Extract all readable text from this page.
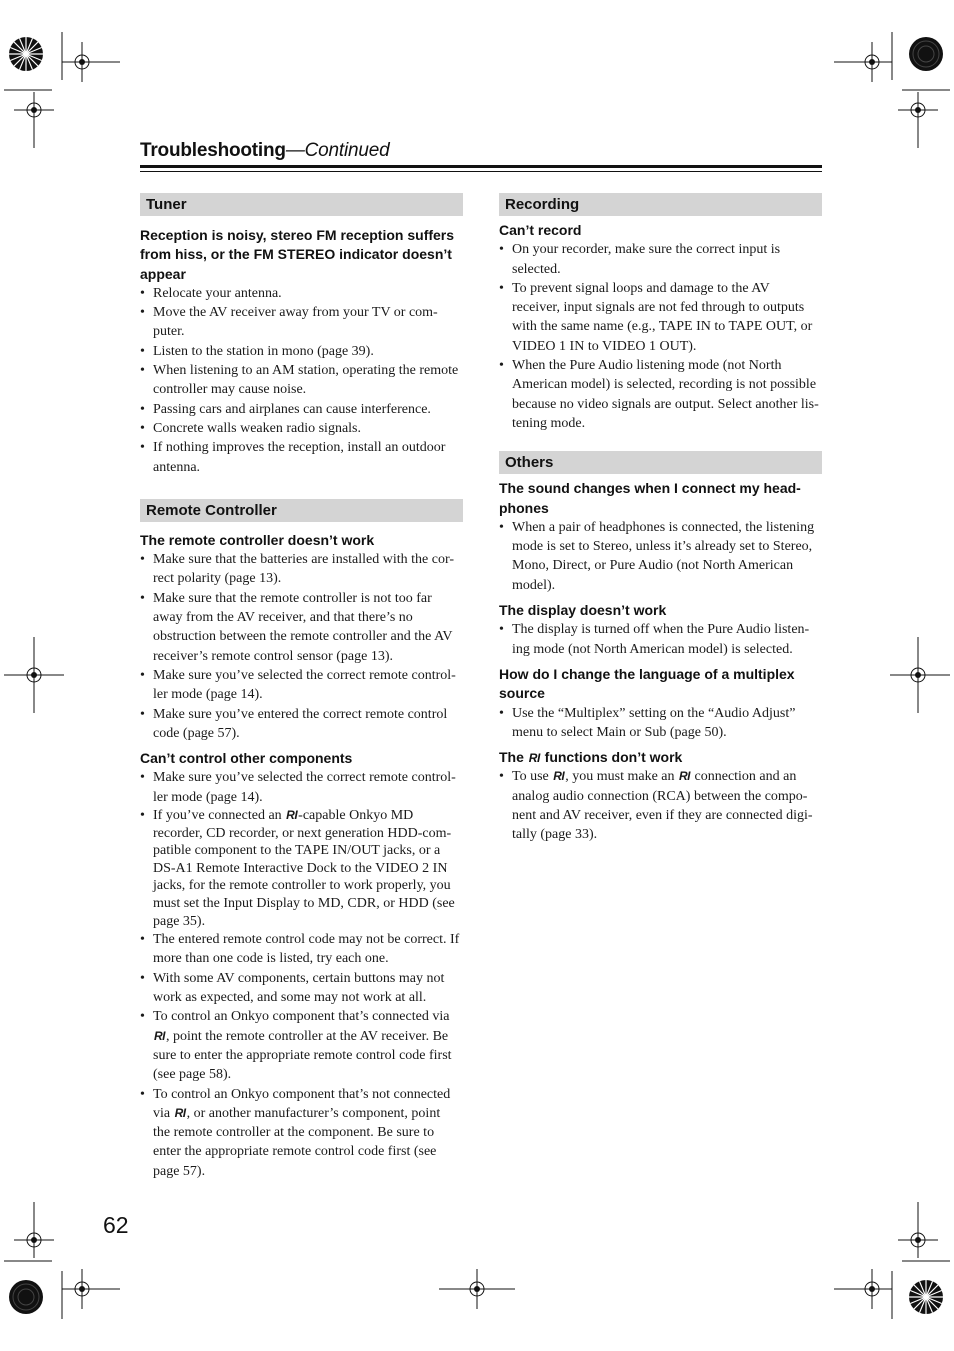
Troubleshooting—Continued
Tuner

Reception is noisy, stereo FM reception suffers from hiss, or the FM STEREO indicator doesn’t appear

• Relocate your antenna.
• Move the AV receiver away from your TV or com-
puter.
• Listen to the station in mono (page 39).
• When listening to an AM station, operating the remote
controller may cause noise.
• Passing cars and airplanes can cause interference.
• Concrete walls weaken radio signals.
• If nothing improves the reception, install an outdoor
antenna.
Remote Controller

The remote controller doesn’t work

• Make sure that the batteries are installed with the cor-
rect polarity (page 13).
• Make sure that the remote controller is not too far
away from the AV receiver, and that there’s no
obstruction between the remote controller and the AV
receiver’s remote control sensor (page 13).
• Make sure you’ve selected the correct remote control-
ler mode (page 14).
• Make sure you’ve entered the correct remote control
code (page 57).

Can’t control other components

• Make sure you’ve selected the correct remote control-
ler mode (page 14).
• If you’ve connected an RI-capable Onkyo MD
recorder, CD recorder, or next generation HDD-com-
patible component to the TAPE IN/OUT jacks, or a
DS-A1 Remote Interactive Dock to the VIDEO 2 IN
jacks, for the remote controller to work properly, you
must set the Input Display to MD, CDR, or HDD (see
page 35).
• The entered remote control code may not be correct. If
more than one code is listed, try each one.
• With some AV components, certain buttons may not
work as expected, and some may not work at all.
• To control an Onkyo component that’s connected via
RI, point the remote controller at the AV receiver. Be
sure to enter the appropriate remote control code first
(see page 58).
• To control an Onkyo component that’s not connected
via RI, or another manufacturer’s component, point
the remote controller at the component. Be sure to
enter the appropriate remote control code first (see
page 57).
Recording

Can’t record

• On your recorder, make sure the correct input is
selected.
• To prevent signal loops and damage to the AV
receiver, input signals are not fed through to outputs
with the same name (e.g., TAPE IN to TAPE OUT, or
VIDEO 1 IN to VIDEO 1 OUT).
• When the Pure Audio listening mode (not North
American model) is selected, recording is not possible
because no video signals are output. Select another lis-
tening mode.
Others

The sound changes when I connect my head-phones

• When a pair of headphones is connected, the listening
mode is set to Stereo, unless it’s already set to Stereo,
Mono, Direct, or Pure Audio (not North American
model).

The display doesn’t work

• The display is turned off when the Pure Audio listen-
ing mode (not North American model) is selected.

How do I change the language of a multiplex source

• Use the “Multiplex” setting on the “Audio Adjust”
menu to select Main or Sub (page 50).

The RI functions don’t work

• To use RI, you must make an RI connection and an
analog audio connection (RCA) between the compo-
nent and AV receiver, even if they are connected digi-
tally (page 33).
62
